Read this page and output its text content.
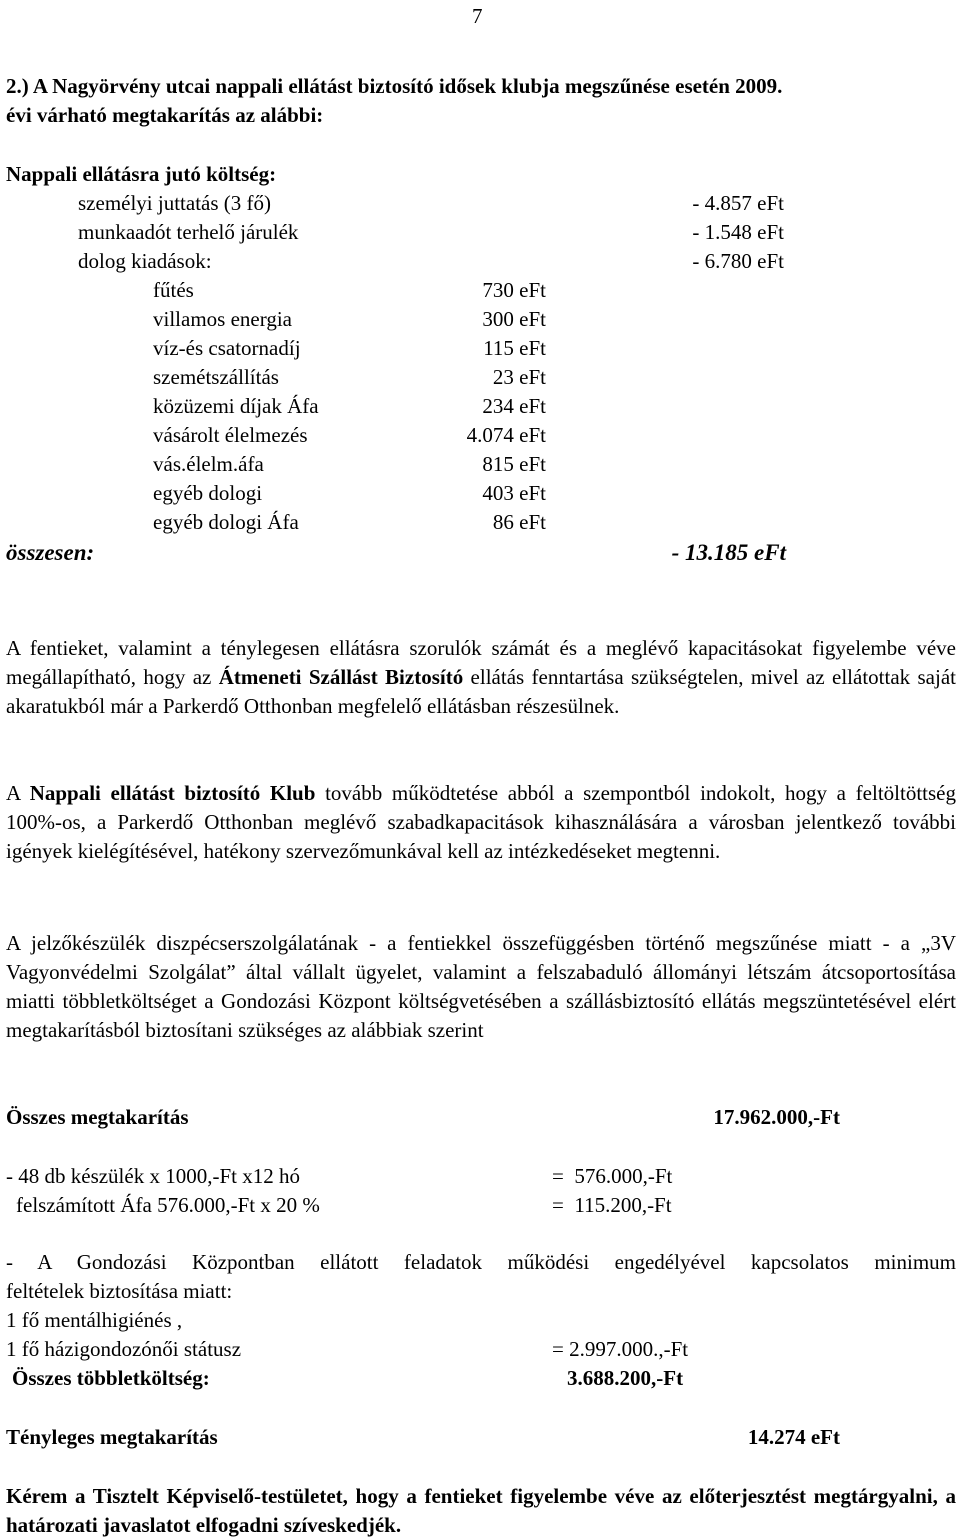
7
2.) A Nagyörvény utcai nappali ellátást biztosító idősek klubja megszűnése esetén 2009.
évi várható megtakarítás az alábbi:
Nappali ellátásra jutó költség:
személyi juttatás (3 fő)	- 4.857 eFt
munkaadót terhelő járulék	- 1.548 eFt
dolog kiadások:	- 6.780 eFt
fűtés	730 eFt
villamos energia	300 eFt
víz-és csatornadíj	115 eFt
szemétszállítás	23 eFt
közüzemi díjak Áfa	234 eFt
vásárolt élelmezés	4.074 eFt
vás.élelm.áfa	815 eFt
egyéb dologi	403 eFt
egyéb dologi Áfa	86 eFt
összesen:	- 13.185 eFt
A fentieket, valamint a ténylegesen ellátásra szorulók számát és a meglévő kapacitásokat figyelembe véve megállapítható, hogy az Átmeneti Szállást Biztosító ellátás fenntartása szükségtelen, mivel az ellátottak saját akaratukból már a Parkerdő Otthonban megfelelő ellátásban részesülnek.
A Nappali ellátást biztosító Klub tovább működtetése abból a szempontból indokolt, hogy a feltöltöttség 100%-os, a Parkerdő Otthonban meglévő szabadkapacitások kihasználására a városban jelentkező további igények kielégítésével, hatékony szervezőmunkával kell az intézkedéseket megtenni.
A jelzőkészülék diszpécserszolgálatának - a fentiekkel összefüggésben történő megszűnése miatt - a „3V Vagyonvédelmi Szolgálat” által vállalt ügyelet, valamint a felszabaduló állományi létszám átcsoportosítása miatti többletköltséget a Gondozási Központ költségvetésében a szállásbiztosító ellátás megszüntetésével elért megtakarításból biztosítani szükséges az alábbiak szerint
Összes megtakarítás	17.962.000,-Ft
- 48 db készülék x 1000,-Ft x12 hó	=  576.000,-Ft
felszámított Áfa 576.000,-Ft x 20 %	=  115.200,-Ft
- A Gondozási Központban ellátott feladatok működési engedélyével kapcsolatos minimum
feltételek biztosítása miatt:
1 fő mentálhigiénés ,
1 fő házigondozónői státusz	= 2.997.000.,-Ft
Összes többletköltség:	3.688.200,-Ft
Tényleges megtakarítás	14.274 eFt
Kérem a Tisztelt Képviselő-testületet, hogy a fentieket figyelembe véve az előterjesztést megtárgyalni, a határozati javaslatot elfogadni szíveskedjék.
